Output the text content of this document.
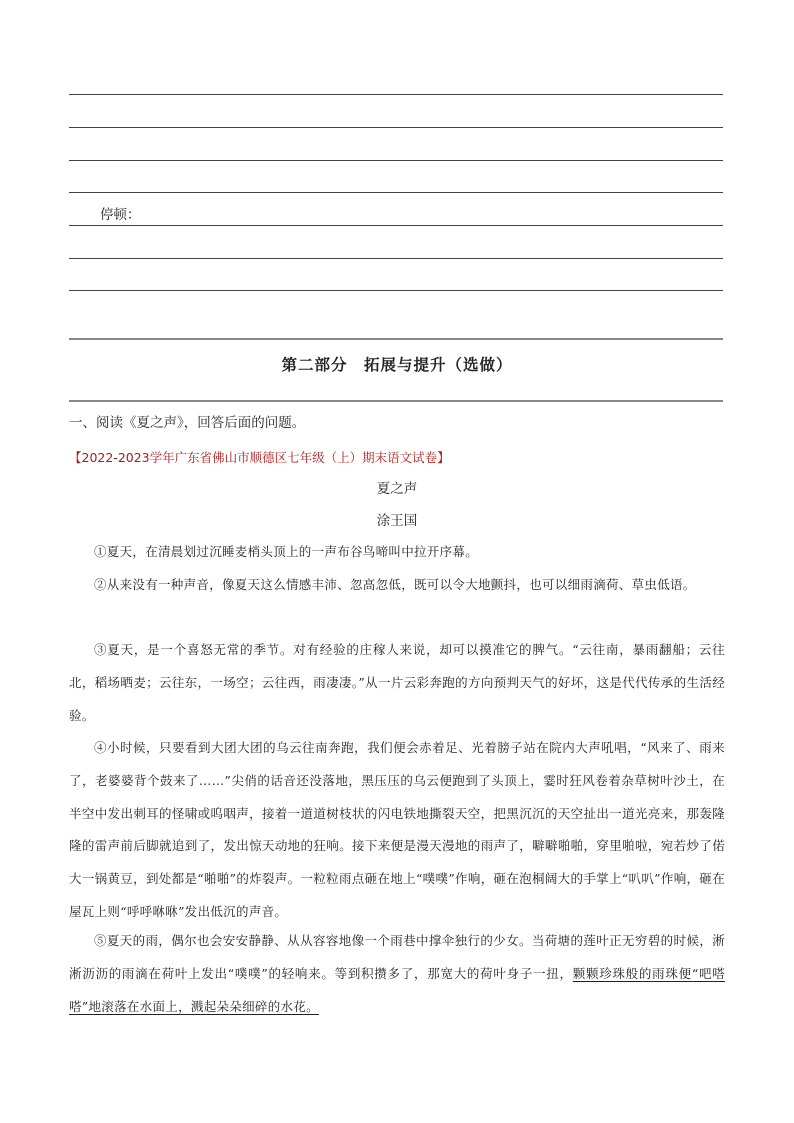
停顿：
第二部分　拓展与提升（选做）
一、阅读《夏之声》，回答后面的问题。
【2022-2023学年广东省佛山市顺德区七年级（上）期末语文试卷】
夏之声
涂王国
①夏天，在清晨划过沉睡麦梢头顶上的一声布谷鸟啼叫中拉开序幕。
②从来没有一种声音，像夏天这么情感丰沛、忽高忽低，既可以令大地颤抖，也可以细雨滴荷、草虫低语。
③夏天，是一个喜怒无常的季节。对有经验的庄稼人来说，却可以摸准它的脾气。“云往南，暴雨翻船；云往北，稻场晒麦；云往东，一场空；云往西，雨凄凄。”从一片云彩奔跑的方向预判天气的好坏，这是代代传承的生活经验。
④小时候，只要看到大团大团的乌云往南奔跑，我们便会赤着足、光着膀子站在院内大声吼唱，“风来了、雨来了，老婆婆背个鼓来了……”尖俏的话音还没落地，黑压压的乌云便跑到了头顶上，霎时狂风卷着杂草树叶沙土，在半空中发出刺耳的怪啸或呜咽声，接着一道道树枝状的闪电铁地撕裂天空，把黑沉沉的天空扯出一道光亮来，那轰隆隆的雷声前后脚就追到了，发出惊天动地的狂响。接下来便是漫天漫地的雨声了，噼噼啪啪，穿里啪啦，宛若炒了偌大一锅黄豆，到处都是“啪啪”的炸裂声。一粒粒雨点砸在地上“噗噗”作响，砸在泡桐阔大的手掌上“叭叭”作响，砸在屋瓦上则“呼呼咻咻”发出低沉的声音。
⑤夏天的雨，偶尔也会安安静静、从从容容地像一个雨巷中撑伞独行的少女。当荷塘的莲叶正无穷碧的时候，淅淅沥沥的雨滴在荷叶上发出“噗噗”的轻响来。等到积攒多了，那宽大的荷叶身子一扭，颗颗珍珠般的雨珠便“吧嗒嗒”地滚落在水面上，溅起朵朵细碎的水花。
